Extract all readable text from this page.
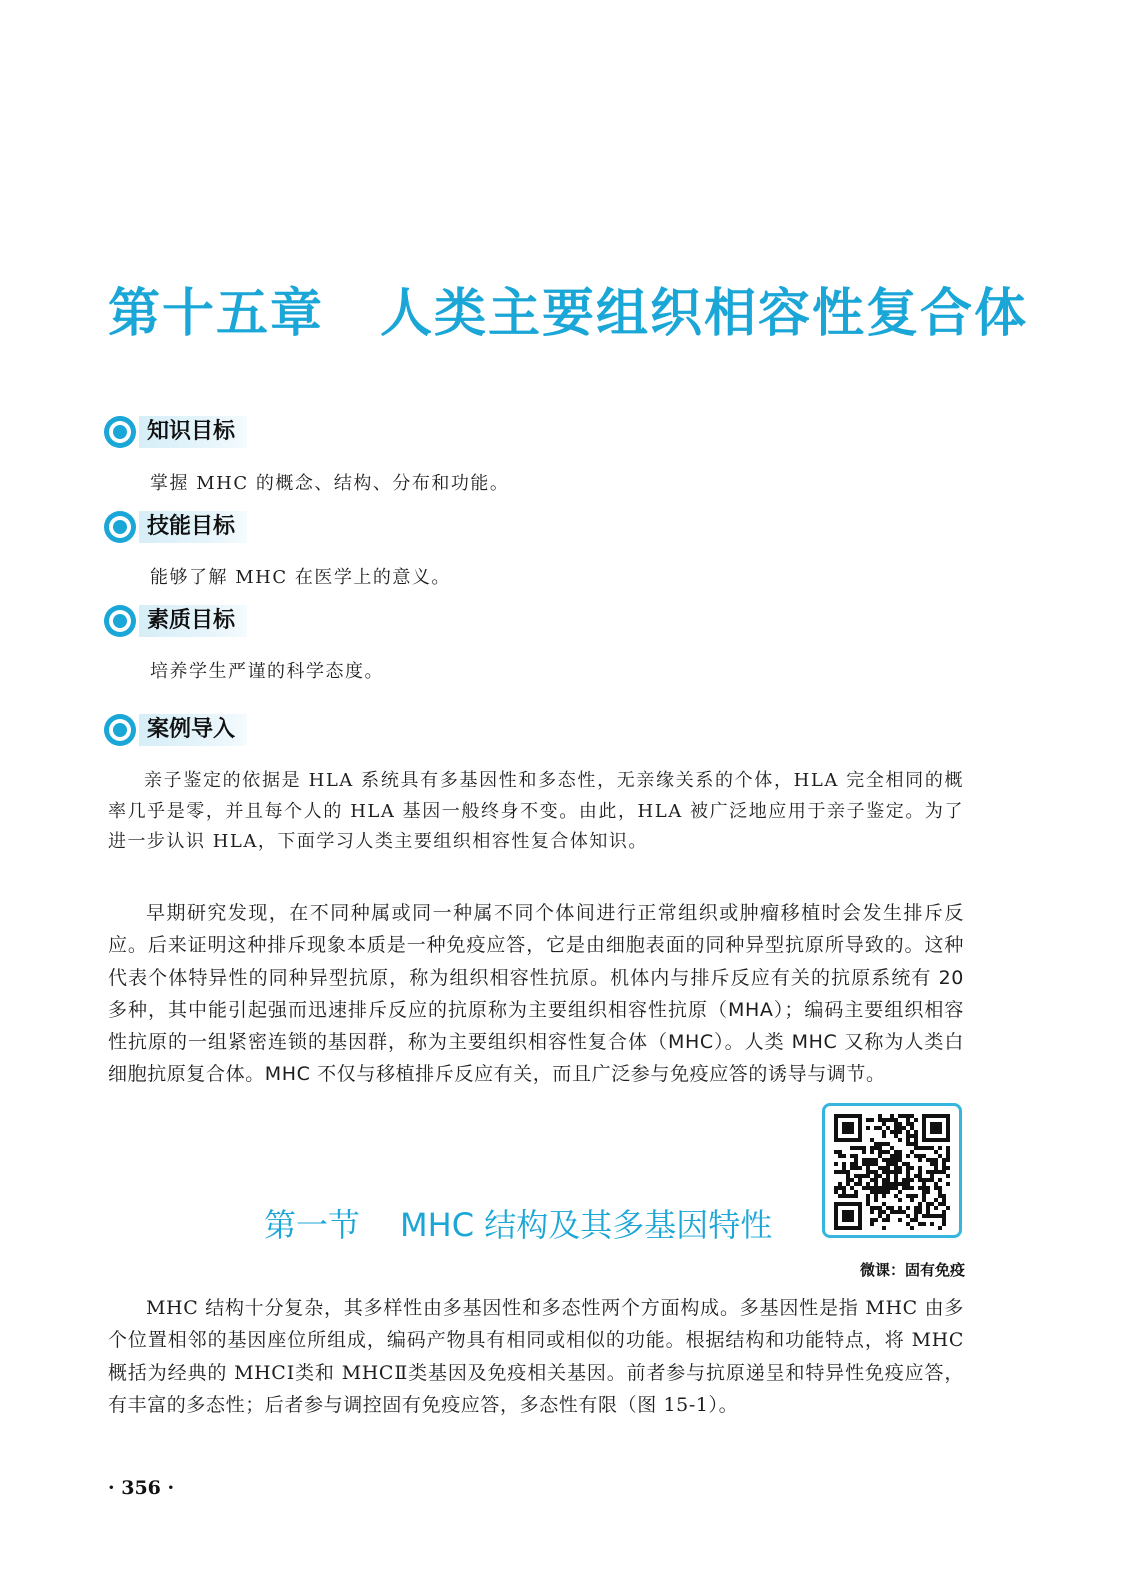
第十五章 人类主要组织相容性复合体
知识目标
掌握 MHC 的概念、结构、分布和功能。
技能目标
能够了解 MHC 在医学上的意义。
素质目标
培养学生严谨的科学态度。
案例导入

亲子鉴定的依据是 HLA 系统具有多基因性和多态性，无亲缘关系的个体，HLA 完全相同的概率几乎是零，并且每个人的 HLA 基因一般终身不变。由此，HLA 被广泛地应用于亲子鉴定。为了进一步认识 HLA，下面学习人类主要组织相容性复合体知识。

早期研究发现，在不同种属或同一种属不同个体间进行正常组织或肿瘤移植时会发生排斥反应。后来证明这种排斥现象本质是一种免疫应答，它是由细胞表面的同种异型抗原所导致的。这种代表个体特异性的同种异型抗原，称为组织相容性抗原。机体内与排斥反应有关的抗原系统有 20 多种，其中能引起强而迅速排斥反应的抗原称为主要组织相容性抗原（MHA）；编码主要组织相容性抗原的一组紧密连锁的基因群，称为主要组织相容性复合体（MHC）。人类 MHC 又称为人类白细胞抗原复合体。MHC 不仅与移植排斥反应有关，而且广泛参与免疫应答的诱导与调节。

第一节 MHC 结构及其多基因特性
微课：固有免疫

MHC 结构十分复杂，其多样性由多基因性和多态性两个方面构成。多基因性是指 MHC 由多个位置相邻的基因座位所组成，编码产物具有相同或相似的功能。根据结构和功能特点，将 MHC 概括为经典的 MHCⅠ类和 MHCⅡ类基因及免疫相关基因。前者参与抗原递呈和特异性免疫应答，有丰富的多态性；后者参与调控固有免疫应答，多态性有限（图 15-1）。

· 356 ·
